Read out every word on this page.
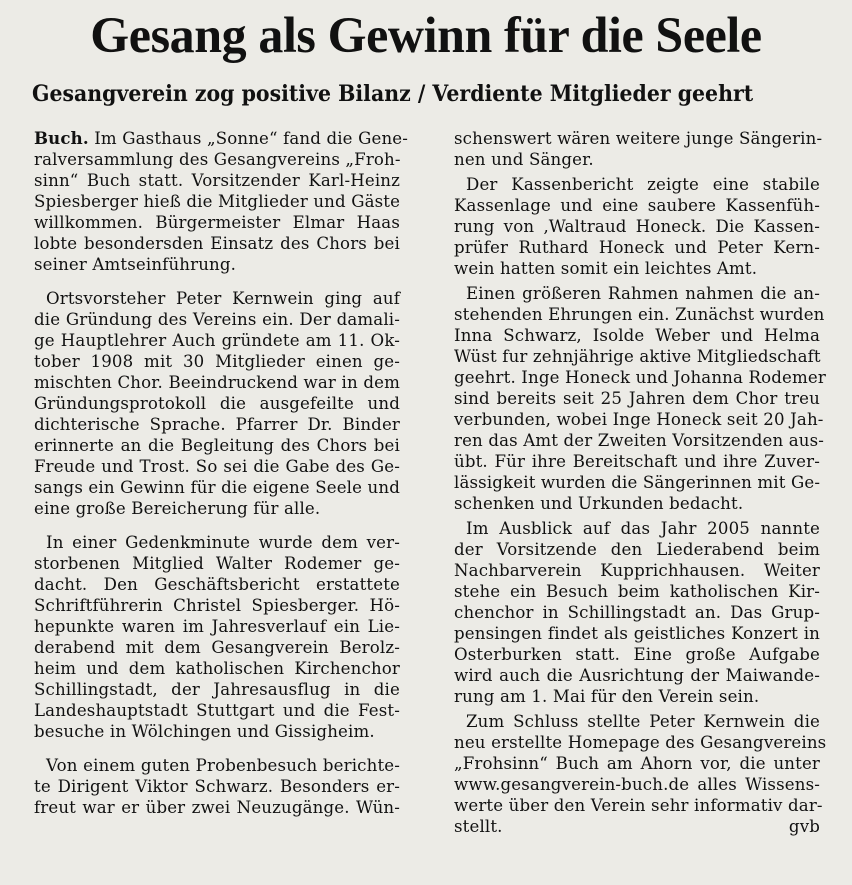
Gesang als Gewinn für die Seele
Gesangverein zog positive Bilanz / Verdiente Mitglieder geehrt
Buch. Im Gasthaus „Sonne“ fand die Gene-
ralversammlung des Gesangvereins „Froh-
sinn“ Buch statt. Vorsitzender Karl-Heinz
Spiesberger hieß die Mitglieder und Gäste
willkommen. Bürgermeister Elmar Haas
lobte besondersden Einsatz des Chors bei
seiner Amtseinführung.
Ortsvorsteher Peter Kernwein ging auf
die Gründung des Vereins ein. Der damali-
ge Hauptlehrer Auch gründete am 11. Ok-
tober 1908 mit 30 Mitglieder einen ge-
mischten Chor. Beeindruckend war in dem
Gründungsprotokoll die ausgefeilte und
dichterische Sprache. Pfarrer Dr. Binder
erinnerte an die Begleitung des Chors bei
Freude und Trost. So sei die Gabe des Ge-
sangs ein Gewinn für die eigene Seele und
eine große Bereicherung für alle.
In einer Gedenkminute wurde dem ver-
storbenen Mitglied Walter Rodemer ge-
dacht. Den Geschäftsbericht erstattete
Schriftführerin Christel Spiesberger. Hö-
hepunkte waren im Jahresverlauf ein Lie-
derabend mit dem Gesangverein Berolz-
heim und dem katholischen Kirchenchor
Schillingstadt, der Jahresausflug in die
Landeshauptstadt Stuttgart und die Fest-
besuche in Wölchingen und Gissigheim.
Von einem guten Probenbesuch berichte-
te Dirigent Viktor Schwarz. Besonders er-
freut war er über zwei Neuzugänge. Wün-
schenswert wären weitere junge Sängerin-
nen und Sänger.
Der Kassenbericht zeigte eine stabile
Kassenlage und eine saubere Kassenfüh-
rung von ‚Waltraud Honeck. Die Kassen-
prüfer Ruthard Honeck und Peter Kern-
wein hatten somit ein leichtes Amt.
Einen größeren Rahmen nahmen die an-
stehenden Ehrungen ein. Zunächst wurden
Inna Schwarz, Isolde Weber und Helma
Wüst fur zehnjährige aktive Mitgliedschaft
geehrt. Inge Honeck und Johanna Rodemer
sind bereits seit 25 Jahren dem Chor treu
verbunden, wobei Inge Honeck seit 20 Jah-
ren das Amt der Zweiten Vorsitzenden aus-
übt. Für ihre Bereitschaft und ihre Zuver-
lässigkeit wurden die Sängerinnen mit Ge-
schenken und Urkunden bedacht.
Im Ausblick auf das Jahr 2005 nannte
der Vorsitzende den Liederabend beim
Nachbarverein Kupprichhausen. Weiter
stehe ein Besuch beim katholischen Kir-
chenchor in Schillingstadt an. Das Grup-
pensingen findet als geistliches Konzert in
Osterburken statt. Eine große Aufgabe
wird auch die Ausrichtung der Maiwande-
rung am 1. Mai für den Verein sein.
Zum Schluss stellte Peter Kernwein die
neu erstellte Homepage des Gesangvereins
„Frohsinn“ Buch am Ahorn vor, die unter
www.gesangverein-buch.de alles Wissens-
werte über den Verein sehr informativ dar-
stellt.	gvb
